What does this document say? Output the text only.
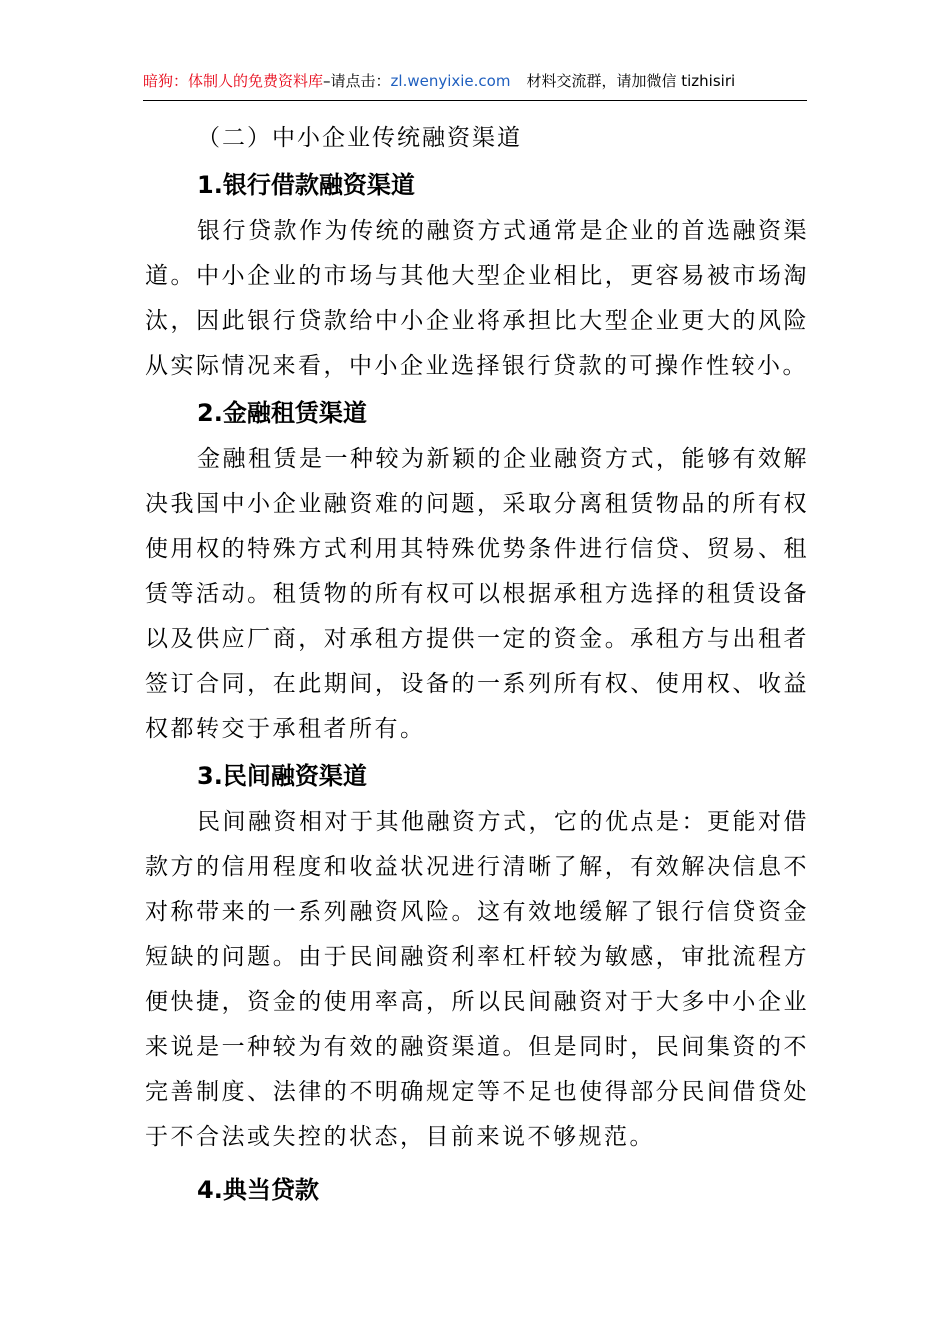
暗狗：体制人的免费资料库–请点击：zl.wenyixie.com 材料交流群，请加微信 tizhisiri
（二）中小企业传统融资渠道
1.银行借款融资渠道

银行贷款作为传统的融资方式通常是企业的首选融资渠道。中小企业的市场与其他大型企业相比，更容易被市场淘汰，因此银行贷款给中小企业将承担比大型企业更大的风险从实际情况来看，中小企业选择银行贷款的可操作性较小。

2.金融租赁渠道

金融租赁是一种较为新颖的企业融资方式，能够有效解决我国中小企业融资难的问题，采取分离租赁物品的所有权使用权的特殊方式利用其特殊优势条件进行信贷、贸易、租赁等活动。租赁物的所有权可以根据承租方选择的租赁设备以及供应厂商，对承租方提供一定的资金。承租方与出租者签订合同，在此期间，设备的一系列所有权、使用权、收益权都转交于承租者所有。

3.民间融资渠道

民间融资相对于其他融资方式，它的优点是：更能对借款方的信用程度和收益状况进行清晰了解，有效解决信息不对称带来的一系列融资风险。这有效地缓解了银行信贷资金短缺的问题。由于民间融资利率杠杆较为敏感，审批流程方便快捷，资金的使用率高，所以民间融资对于大多中小企业来说是一种较为有效的融资渠道。但是同时，民间集资的不完善制度、法律的不明确规定等不足也使得部分民间借贷处于不合法或失控的状态，目前来说不够规范。

4.典当贷款
